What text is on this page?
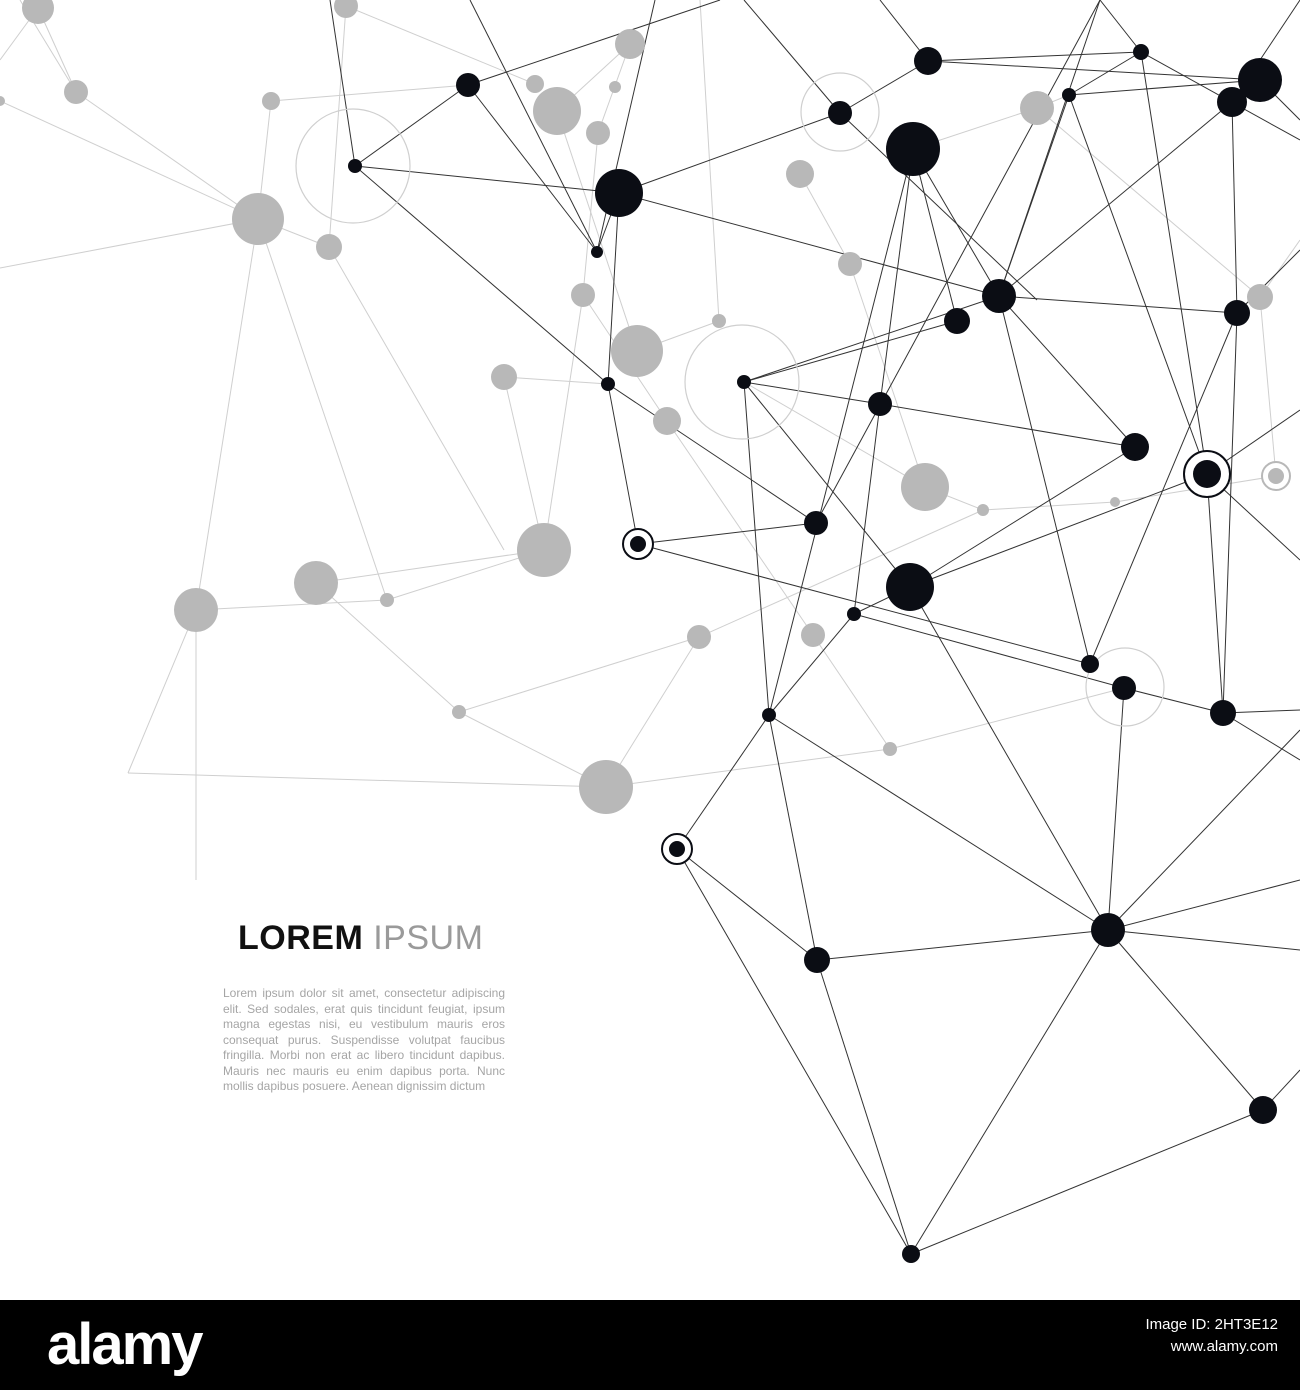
LOREM IPSUM

Lorem ipsum dolor sit amet, consectetur adipiscing elit. Sed sodales, erat quis tincidunt feugiat, ipsum magna egestas nisi, eu vestibulum mauris eros consequat purus. Suspendisse volutpat faucibus fringilla. Morbi non erat ac libero tincidunt dapibus. Mauris nec mauris eu enim dapibus porta. Nunc mollis dapibus posuere. Aenean dignissim dictum

alamy	Image ID: 2HT3E12
www.alamy.com
